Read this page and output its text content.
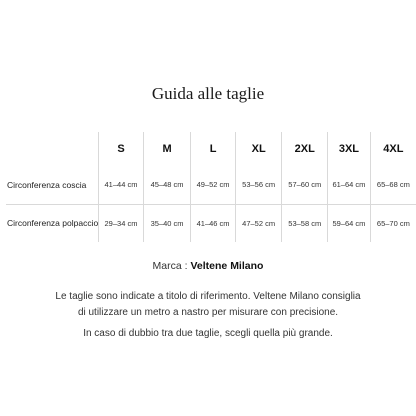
Guida alle taglie
	S	M	L	XL	2XL	3XL	4XL
Circonferenza coscia	41–44 cm	45–48 cm	49–52 cm	53–56 cm	57–60 cm	61–64 cm	65–68 cm
Circonferenza polpaccio	29–34 cm	35–40 cm	41–46 cm	47–52 cm	53–58 cm	59–64 cm	65–70 cm
Marca : Veltene Milano
Le taglie sono indicate a titolo di riferimento. Veltene Milano consiglia
di utilizzare un metro a nastro per misurare con precisione.
In caso di dubbio tra due taglie, scegli quella più grande.
